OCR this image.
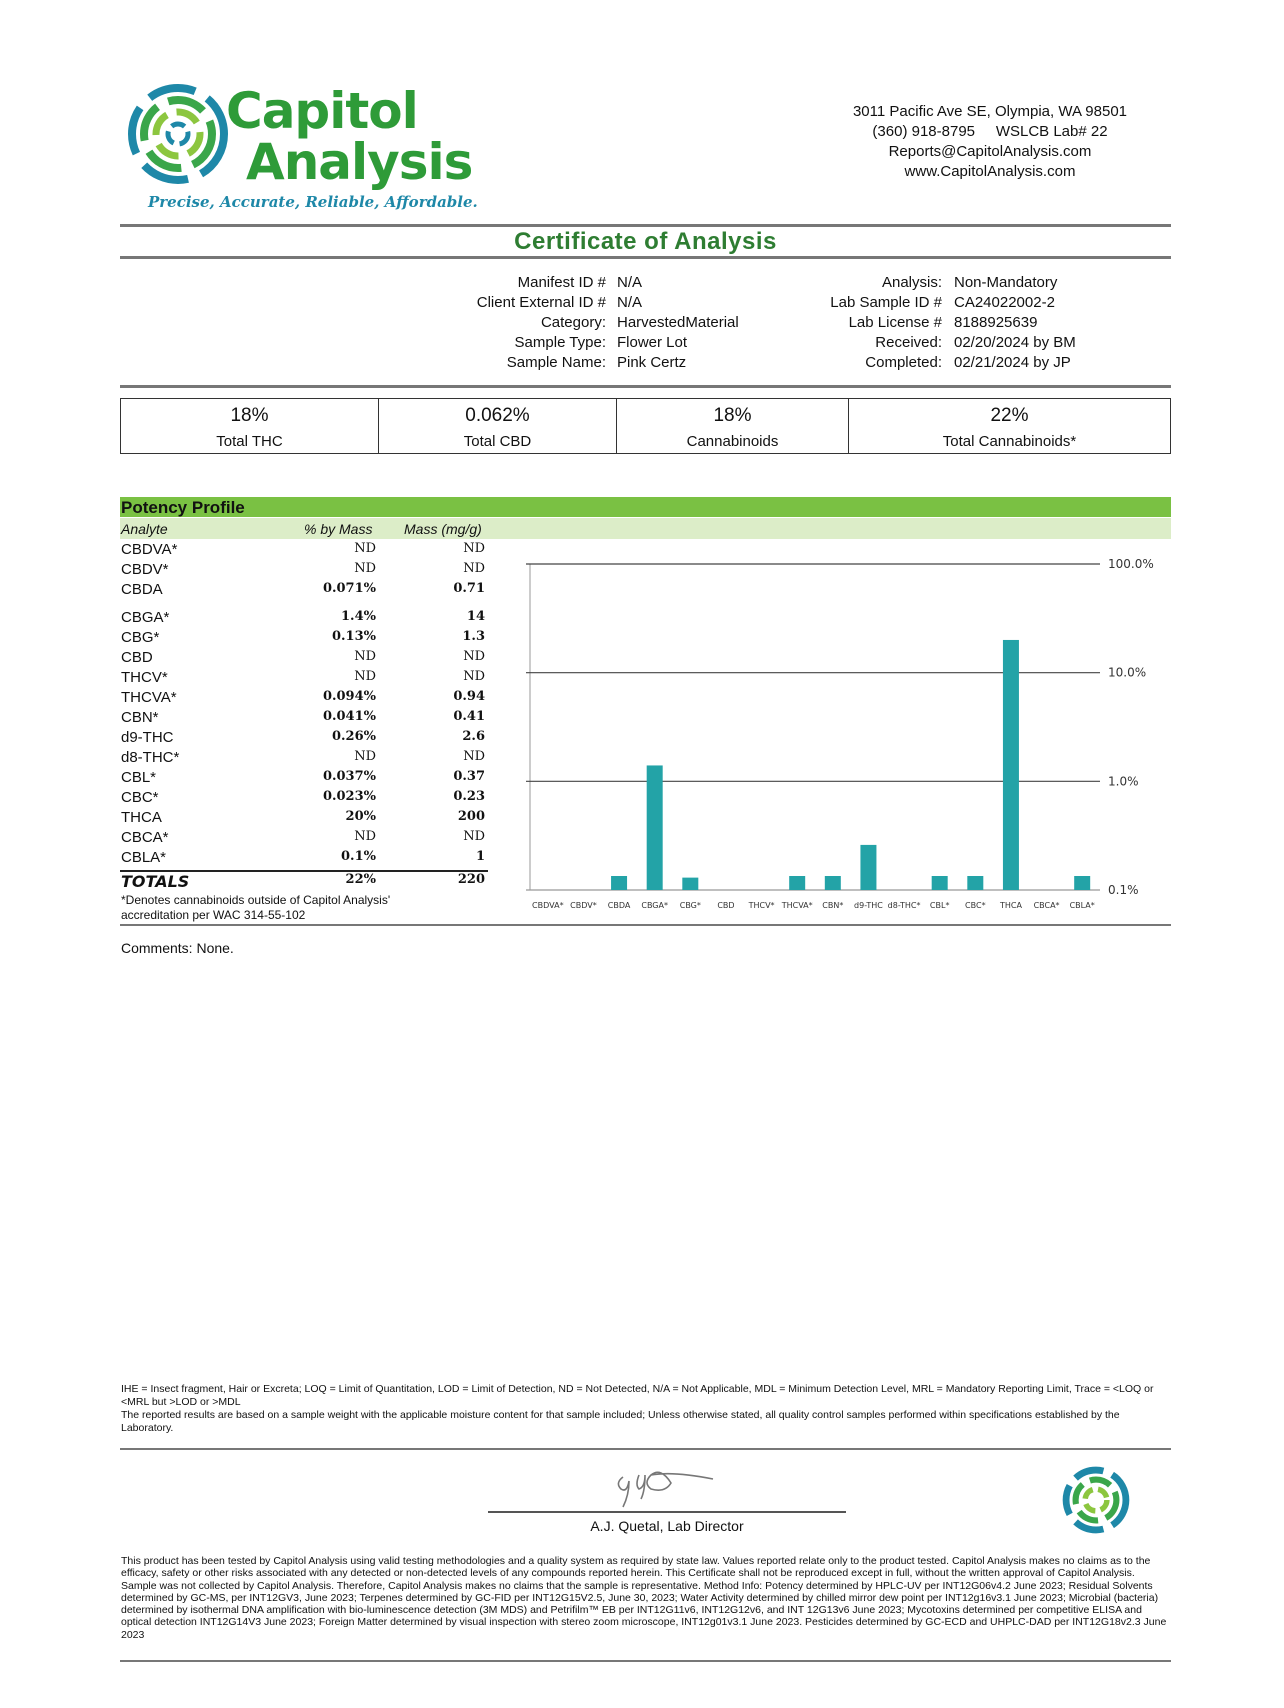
Capitol
Analysis
Precise, Accurate, Reliable, Affordable.
3011 Pacific Ave SE, Olympia, WA 98501
(360) 918-8795     WSLCB Lab# 22
Reports@CapitolAnalysis.com
www.CapitolAnalysis.com
Certificate of Analysis
Manifest ID # N/A
Client External ID # N/A
Category: HarvestedMaterial
Sample Type: Flower Lot
Sample Name: Pink Certz
Analysis: Non-Mandatory
Lab Sample ID # CA24022002-2
Lab License # 8188925639
Received: 02/20/2024 by BM
Completed: 02/21/2024 by JP
18%
Total THC
0.062%
Total CBD
18%
Cannabinoids
22%
Total Cannabinoids*
Potency Profile
Analyte	% by Mass Mass (mg/g)
CBDVA*	ND	ND
CBDV*	ND	ND
CBDA	0.071%	0.71
CBGA*	1.4%	14
CBG*	0.13%	1.3
CBD	ND	ND
THCV*	ND	ND
THCVA*	0.094%	0.94
CBN*	0.041%	0.41
d9-THC	0.26%	2.6
d8-THC*	ND	ND
CBL*	0.037%	0.37
CBC*	0.023%	0.23
THCA	20%	200
CBCA*	ND	ND
CBLA*	0.1%	1
TOTALS	22%	220
*Denotes cannabinoids outside of Capitol Analysis' accreditation per WAC 314-55-102
100.0%
10.0%
1.0%
0.1%
CBDVA* CBDV* CBDA CBGA* CBG* CBD THCV* THCVA* CBN* d9-THC d8-THC* CBL* CBC* THCA CBCA* CBLA*
Comments: None.
IHE = Insect fragment, Hair or Excreta; LOQ = Limit of Quantitation, LOD = Limit of Detection, ND = Not Detected, N/A = Not Applicable, MDL = Minimum Detection Level, MRL = Mandatory Reporting Limit, Trace = <LOQ or <MRL but >LOD or >MDL
The reported results are based on a sample weight with the applicable moisture content for that sample included; Unless otherwise stated, all quality control samples performed within specifications established by the Laboratory.
A.J. Quetal, Lab Director
This product has been tested by Capitol Analysis using valid testing methodologies and a quality system as required by state law. Values reported relate only to the product tested. Capitol Analysis makes no claims as to the efficacy, safety or other risks associated with any detected or non-detected levels of any compounds reported herein. This Certificate shall not be reproduced except in full, without the written approval of Capitol Analysis. Sample was not collected by Capitol Analysis. Therefore, Capitol Analysis makes no claims that the sample is representative. Method Info: Potency determined by HPLC-UV per INT12G06v4.2 June 2023; Residual Solvents determined by GC-MS, per INT12GV3, June 2023; Terpenes determined by GC-FID per INT12G15V2.5, June 30, 2023; Water Activity determined by chilled mirror dew point per INT12g16v3.1 June 2023; Microbial (bacteria) determined by isothermal DNA amplification with bio-luminescence detection (3M MDS) and Petrifilm™ EB per INT12G11v6, INT12G12v6, and INT 12G13v6 June 2023; Mycotoxins determined per competitive ELISA and optical detection INT12G14V3 June 2023; Foreign Matter determined by visual inspection with stereo zoom microscope, INT12g01v3.1 June 2023. Pesticides determined by GC-ECD and UHPLC-DAD per INT12G18v2.3 June 2023
